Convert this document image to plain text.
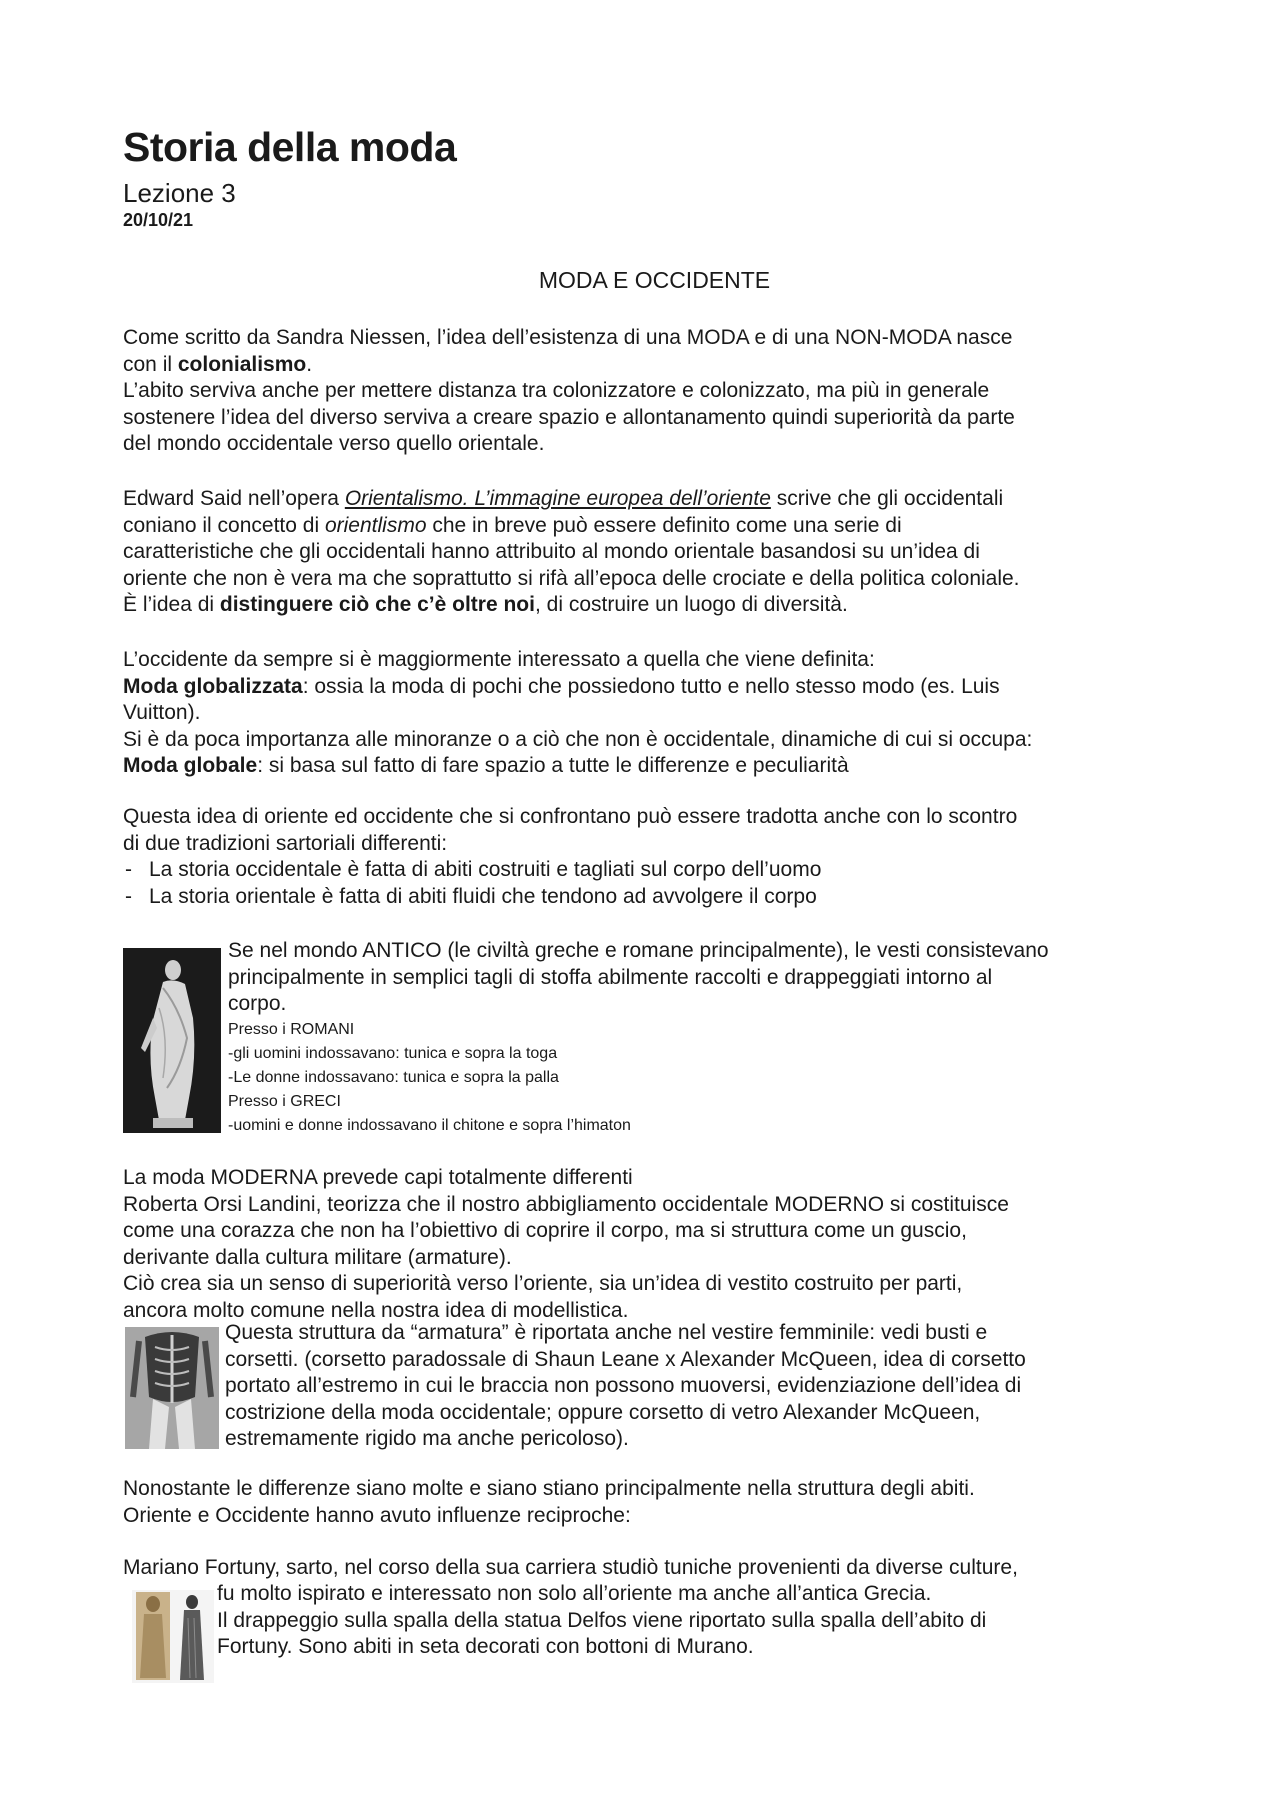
Storia della moda
Lezione 3
20/10/21
MODA E OCCIDENTE

Come scritto da Sandra Niessen, l’idea dell’esistenza di una MODA e di una NON-MODA nasce

con il colonialismo.

L’abito serviva anche per mettere distanza tra colonizzatore e colonizzato, ma più in generale

sostenere l’idea del diverso serviva a creare spazio e allontanamento quindi superiorità da parte

del mondo occidentale verso quello orientale.

Edward Said nell’opera Orientalismo. L’immagine europea dell’oriente scrive che gli occidentali

coniano il concetto di orientlismo che in breve può essere definito come una serie di

caratteristiche che gli occidentali hanno attribuito al mondo orientale basandosi su un’idea di

oriente che non è vera ma che soprattutto si rifà all’epoca delle crociate e della politica coloniale.

È l’idea di distinguere ciò che c’è oltre noi, di costruire un luogo di diversità.

L’occidente da sempre si è maggiormente interessato a quella che viene definita:

Moda globalizzata: ossia la moda di pochi che possiedono tutto e nello stesso modo (es. Luis

Vuitton).

Si è da poca importanza alle minoranze o a ciò che non è occidentale, dinamiche di cui si occupa:

Moda globale: si basa sul fatto di fare spazio a tutte le differenze e peculiarità

Questa idea di oriente ed occidente che si confrontano può essere tradotta anche con lo scontro

di due tradizioni sartoriali differenti:

- La storia occidentale è fatta di abiti costruiti e tagliati sul corpo dell’uomo
- La storia orientale è fatta di abiti fluidi che tendono ad avvolgere il corpo

Se nel mondo ANTICO (le civiltà greche e romane principalmente), le vesti consistevano

principalmente in semplici tagli di stoffa abilmente raccolti e drappeggiati intorno al

corpo.

Presso i ROMANI
-gli uomini indossavano: tunica e sopra la toga
-Le donne indossavano: tunica e sopra la palla
Presso i GRECI
-uomini e donne indossavano il chitone e sopra l’himaton

La moda MODERNA prevede capi totalmente differenti

Roberta Orsi Landini, teorizza che il nostro abbigliamento occidentale MODERNO si costituisce

come una corazza che non ha l’obiettivo di coprire il corpo, ma si struttura come un guscio,

derivante dalla cultura militare (armature).

Ciò crea sia un senso di superiorità verso l’oriente, sia un’idea di vestito costruito per parti,

ancora molto comune nella nostra idea di modellistica.

Questa struttura da “armatura” è riportata anche nel vestire femminile: vedi busti e

corsetti. (corsetto paradossale di Shaun Leane x Alexander McQueen, idea di corsetto

portato all’estremo in cui le braccia non possono muoversi, evidenziazione dell’idea di

costrizione della moda occidentale; oppure corsetto di vetro Alexander McQueen,

estremamente rigido ma anche pericoloso).

Nonostante le differenze siano molte e siano stiano principalmente nella struttura degli abiti.

Oriente e Occidente hanno avuto influenze reciproche:

Mariano Fortuny, sarto, nel corso della sua carriera studiò tuniche provenienti da diverse culture,

fu molto ispirato e interessato non solo all’oriente ma anche all’antica Grecia.

Il drappeggio sulla spalla della statua Delfos viene riportato sulla spalla dell’abito di

Fortuny. Sono abiti in seta decorati con bottoni di Murano.
